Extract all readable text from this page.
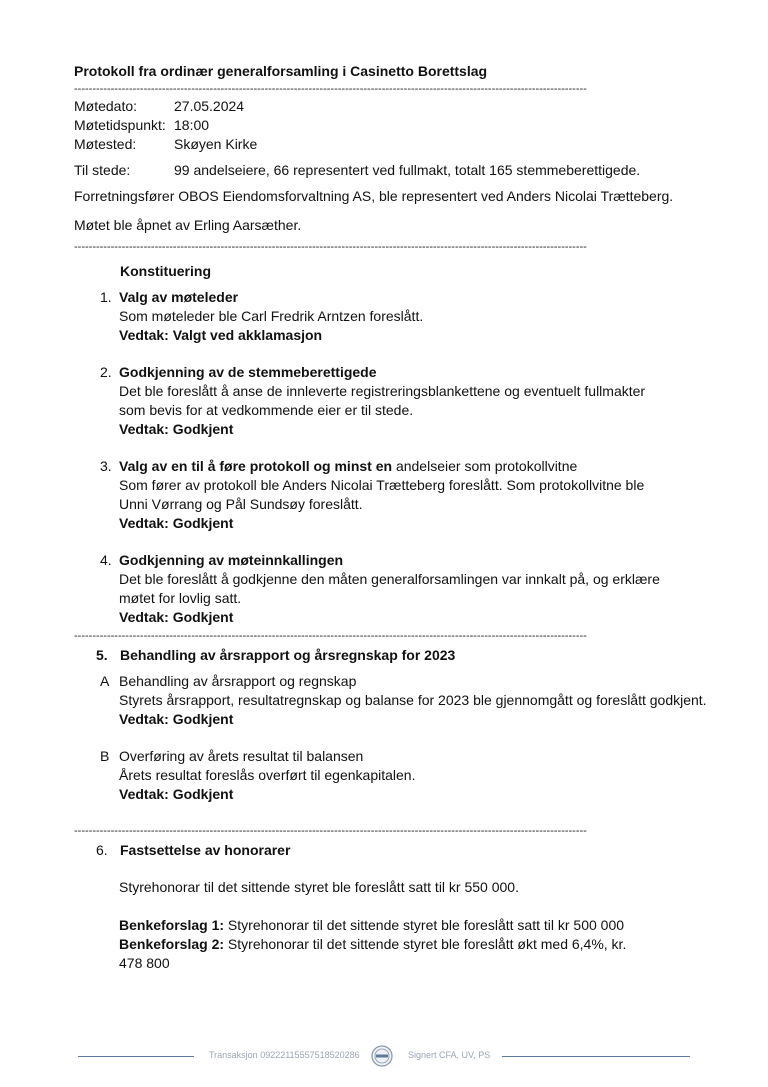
Protokoll fra ordinær generalforsamling i Casinetto Borettslag
--------------------------------------------------------------------------------------------------------------------------------------------
Møtedato:	27.05.2024
Møtetidspunkt: 18:00
Møtested:	Skøyen Kirke
Til stede:	99 andelseiere, 66 representert ved fullmakt, totalt 165 stemmeberettigede.
Forretningsfører OBOS Eiendomsforvaltning AS, ble representert ved Anders Nicolai Trætteberg.
Møtet ble åpnet av Erling Aarsæther.
--------------------------------------------------------------------------------------------------------------------------------------------
Konstituering
1. Valg av møteleder
Som møteleder ble Carl Fredrik Arntzen foreslått.
Vedtak: Valgt ved akklamasjon
2. Godkjenning av de stemmeberettigede
Det ble foreslått å anse de innleverte registreringsblankettene og eventuelt fullmakter
som bevis for at vedkommende eier er til stede.
Vedtak: Godkjent
3. Valg av en til å føre protokoll og minst en andelseier som protokollvitne
Som fører av protokoll ble Anders Nicolai Trætteberg foreslått. Som protokollvitne ble
Unni Vørrang og Pål Sundsøy foreslått.
Vedtak: Godkjent
4. Godkjenning av møteinnkallingen
Det ble foreslått å godkjenne den måten generalforsamlingen var innkalt på, og erklære
møtet for lovlig satt.
Vedtak: Godkjent
--------------------------------------------------------------------------------------------------------------------------------------------
5. Behandling av årsrapport og årsregnskap for 2023
A Behandling av årsrapport og regnskap
Styrets årsrapport, resultatregnskap og balanse for 2023 ble gjennomgått og foreslått godkjent.
Vedtak: Godkjent
B Overføring av årets resultat til balansen
Årets resultat foreslås overført til egenkapitalen.
Vedtak: Godkjent
--------------------------------------------------------------------------------------------------------------------------------------------
6. Fastsettelse av honorarer
Styrehonorar til det sittende styret ble foreslått satt til kr 550 000.
Benkeforslag 1: Styrehonorar til det sittende styret ble foreslått satt til kr 500 000
Benkeforslag 2: Styrehonorar til det sittende styret ble foreslått økt med 6,4%, kr.
478 800
Transaksjon 09222115557518520286	Signert CFA, UV, PS
